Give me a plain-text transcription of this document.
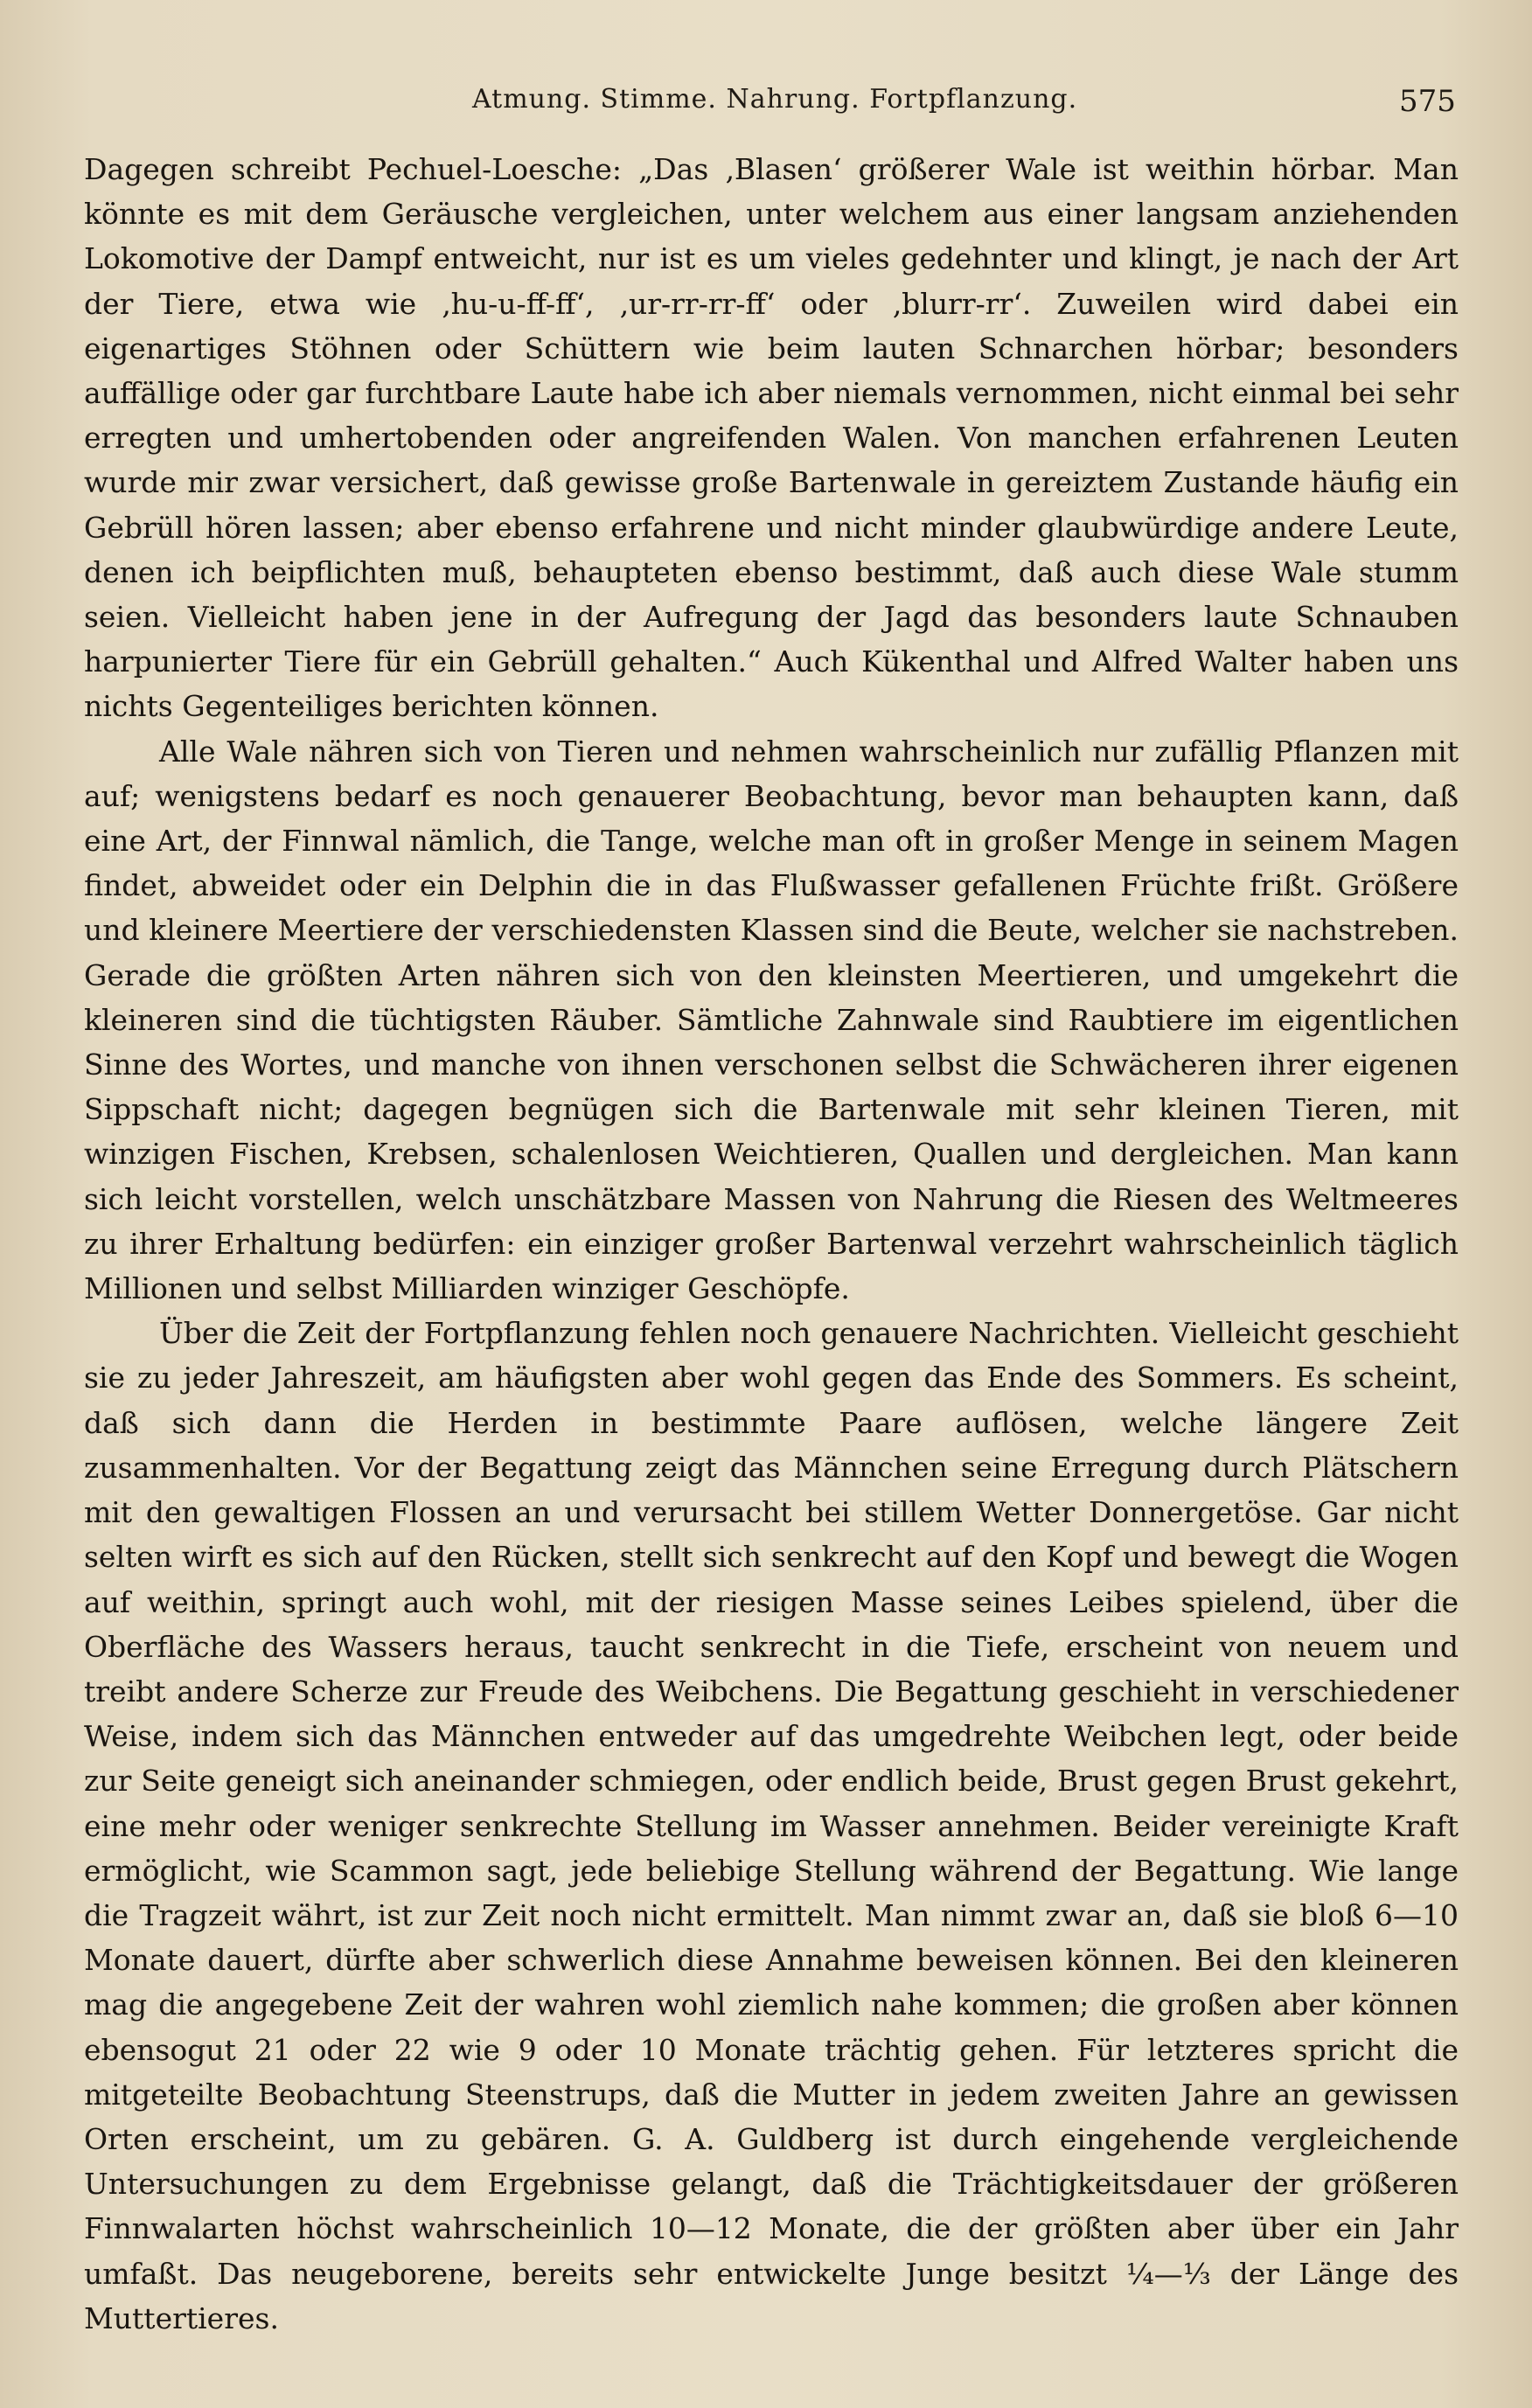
Atmung. Stimme. Nahrung. Fortpflanzung.	575

Dagegen schreibt Pechuel-Loesche: „Das ‚Blasen‘ größerer Wale ist weithin hörbar. Man könnte es mit dem Geräusche vergleichen, unter welchem aus einer langsam anziehenden Lokomotive der Dampf entweicht, nur ist es um vieles gedehnter und klingt, je nach der Art der Tiere, etwa wie ‚hu-u-ff-ff‘, ‚ur-rr-rr-ff‘ oder ‚blurr-rr‘. Zuweilen wird dabei ein eigenartiges Stöhnen oder Schüttern wie beim lauten Schnarchen hörbar; besonders auffällige oder gar furchtbare Laute habe ich aber niemals vernommen, nicht einmal bei sehr erregten und umhertobenden oder angreifenden Walen. Von manchen erfahrenen Leuten wurde mir zwar versichert, daß gewisse große Bartenwale in gereiztem Zustande häufig ein Gebrüll hören lassen; aber ebenso erfahrene und nicht minder glaubwürdige andere Leute, denen ich beipflichten muß, behaupteten ebenso bestimmt, daß auch diese Wale stumm seien. Vielleicht haben jene in der Aufregung der Jagd das besonders laute Schnauben harpunierter Tiere für ein Gebrüll gehalten.“ Auch Kükenthal und Alfred Walter haben uns nichts Gegenteiliges berichten können.

Alle Wale nähren sich von Tieren und nehmen wahrscheinlich nur zufällig Pflanzen mit auf; wenigstens bedarf es noch genauerer Beobachtung, bevor man behaupten kann, daß eine Art, der Finnwal nämlich, die Tange, welche man oft in großer Menge in seinem Magen findet, abweidet oder ein Delphin die in das Flußwasser gefallenen Früchte frißt. Größere und kleinere Meertiere der verschiedensten Klassen sind die Beute, welcher sie nachstreben. Gerade die größten Arten nähren sich von den kleinsten Meertieren, und umgekehrt die kleineren sind die tüchtigsten Räuber. Sämtliche Zahnwale sind Raubtiere im eigentlichen Sinne des Wortes, und manche von ihnen verschonen selbst die Schwächeren ihrer eigenen Sippschaft nicht; dagegen begnügen sich die Bartenwale mit sehr kleinen Tieren, mit winzigen Fischen, Krebsen, schalenlosen Weichtieren, Quallen und dergleichen. Man kann sich leicht vorstellen, welch unschätzbare Massen von Nahrung die Riesen des Weltmeeres zu ihrer Erhaltung bedürfen: ein einziger großer Bartenwal verzehrt wahrscheinlich täglich Millionen und selbst Milliarden winziger Geschöpfe.

Über die Zeit der Fortpflanzung fehlen noch genauere Nachrichten. Vielleicht geschieht sie zu jeder Jahreszeit, am häufigsten aber wohl gegen das Ende des Sommers. Es scheint, daß sich dann die Herden in bestimmte Paare auflösen, welche längere Zeit zusammenhalten. Vor der Begattung zeigt das Männchen seine Erregung durch Plätschern mit den gewaltigen Flossen an und verursacht bei stillem Wetter Donnergetöse. Gar nicht selten wirft es sich auf den Rücken, stellt sich senkrecht auf den Kopf und bewegt die Wogen auf weithin, springt auch wohl, mit der riesigen Masse seines Leibes spielend, über die Oberfläche des Wassers heraus, taucht senkrecht in die Tiefe, erscheint von neuem und treibt andere Scherze zur Freude des Weibchens. Die Begattung geschieht in verschiedener Weise, indem sich das Männchen entweder auf das umgedrehte Weibchen legt, oder beide zur Seite geneigt sich aneinander schmiegen, oder endlich beide, Brust gegen Brust gekehrt, eine mehr oder weniger senkrechte Stellung im Wasser annehmen. Beider vereinigte Kraft ermöglicht, wie Scammon sagt, jede beliebige Stellung während der Begattung. Wie lange die Tragzeit währt, ist zur Zeit noch nicht ermittelt. Man nimmt zwar an, daß sie bloß 6—10 Monate dauert, dürfte aber schwerlich diese Annahme beweisen können. Bei den kleineren mag die angegebene Zeit der wahren wohl ziemlich nahe kommen; die großen aber können ebensogut 21 oder 22 wie 9 oder 10 Monate trächtig gehen. Für letzteres spricht die mitgeteilte Beobachtung Steenstrups, daß die Mutter in jedem zweiten Jahre an gewissen Orten erscheint, um zu gebären. G. A. Guldberg ist durch eingehende vergleichende Untersuchungen zu dem Ergebnisse gelangt, daß die Trächtigkeitsdauer der größeren Finnwalarten höchst wahrscheinlich 10—12 Monate, die der größten aber über ein Jahr umfaßt. Das neugeborene, bereits sehr entwickelte Junge besitzt ¼—⅓ der Länge des Muttertieres.
